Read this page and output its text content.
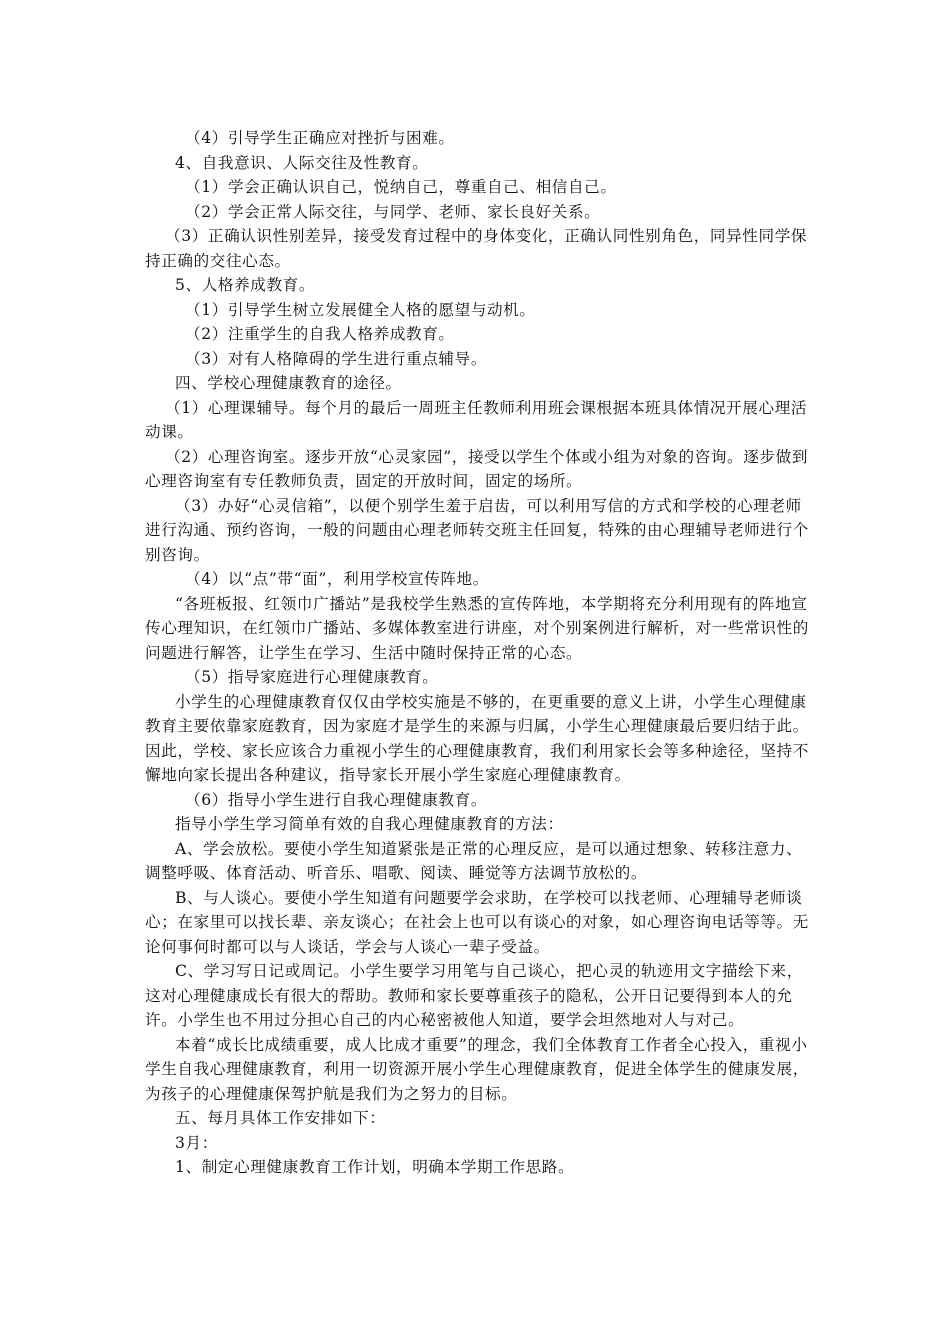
（4）引导学生正确应对挫折与困难。

4、自我意识、人际交往及性教育。

（1）学会正确认识自己，悦纳自己，尊重自己、相信自己。

（2）学会正常人际交往，与同学、老师、家长良好关系。

（3）正确认识性别差异，接受发育过程中的身体变化，正确认同性别角色，同异性同学保持正确的交往心态。

5、人格养成教育。

（1）引导学生树立发展健全人格的愿望与动机。

（2）注重学生的自我人格养成教育。

（3）对有人格障碍的学生进行重点辅导。

四、学校心理健康教育的途径。

（1）心理课辅导。每个月的最后一周班主任教师利用班会课根据本班具体情况开展心理活动课。

（2）心理咨询室。逐步开放“心灵家园”，接受以学生个体或小组为对象的咨询。逐步做到心理咨询室有专任教师负责，固定的开放时间，固定的场所。

（3）办好“心灵信箱”，以便个别学生羞于启齿，可以利用写信的方式和学校的心理老师进行沟通、预约咨询，一般的问题由心理老师转交班主任回复，特殊的由心理辅导老师进行个别咨询。

（4）以“点”带“面”，利用学校宣传阵地。

“各班板报、红领巾广播站”是我校学生熟悉的宣传阵地，本学期将充分利用现有的阵地宣传心理知识，在红领巾广播站、多媒体教室进行讲座，对个别案例进行解析，对一些常识性的问题进行解答，让学生在学习、生活中随时保持正常的心态。

（5）指导家庭进行心理健康教育。

小学生的心理健康教育仅仅由学校实施是不够的，在更重要的意义上讲，小学生心理健康教育主要依靠家庭教育，因为家庭才是学生的来源与归属，小学生心理健康最后要归结于此。因此，学校、家长应该合力重视小学生的心理健康教育，我们利用家长会等多种途径，坚持不懈地向家长提出各种建议，指导家长开展小学生家庭心理健康教育。

（6）指导小学生进行自我心理健康教育。

指导小学生学习简单有效的自我心理健康教育的方法：

A、学会放松。要使小学生知道紧张是正常的心理反应，是可以通过想象、转移注意力、调整呼吸、体育活动、听音乐、唱歌、阅读、睡觉等方法调节放松的。

B、与人谈心。要使小学生知道有问题要学会求助，在学校可以找老师、心理辅导老师谈心；在家里可以找长辈、亲友谈心；在社会上也可以有谈心的对象，如心理咨询电话等等。无论何事何时都可以与人谈话，学会与人谈心一辈子受益。

C、学习写日记或周记。小学生要学习用笔与自己谈心，把心灵的轨迹用文字描绘下来，这对心理健康成长有很大的帮助。教师和家长要尊重孩子的隐私，公开日记要得到本人的允许。小学生也不用过分担心自己的内心秘密被他人知道，要学会坦然地对人与对己。

本着“成长比成绩重要，成人比成才重要”的理念，我们全体教育工作者全心投入，重视小学生自我心理健康教育，利用一切资源开展小学生心理健康教育，促进全体学生的健康发展，为孩子的心理健康保驾护航是我们为之努力的目标。

五、每月具体工作安排如下：

3月：

1、制定心理健康教育工作计划，明确本学期工作思路。
